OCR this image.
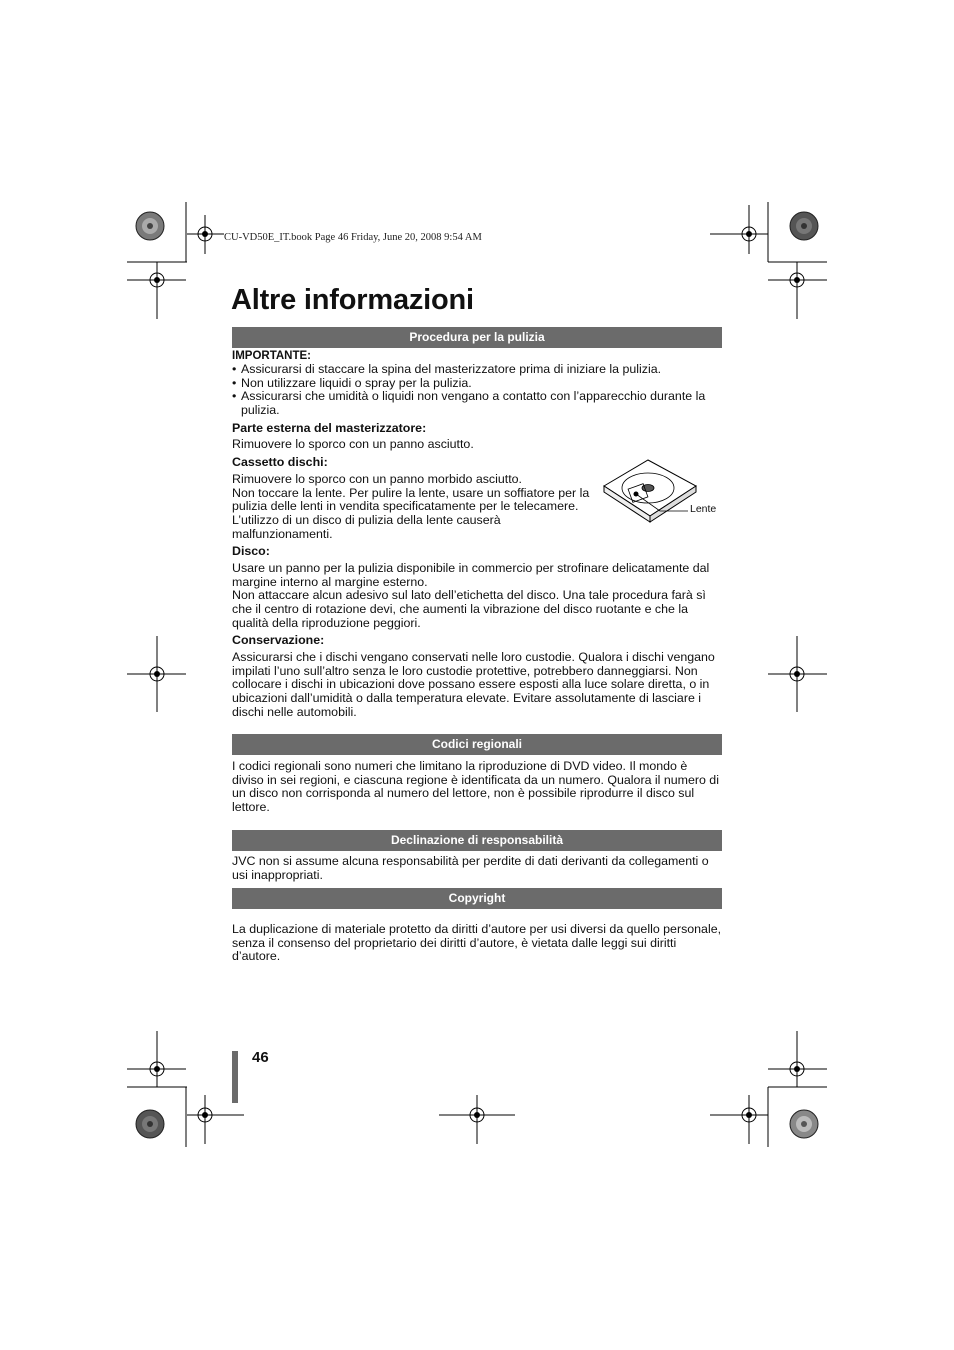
CU-VD50E_IT.book Page 46 Friday, June 20, 2008 9:54 AM
Altre informazioni
Procedura per la pulizia

IMPORTANTE:

• Assicurarsi di staccare la spina del masterizzatore prima di iniziare la pulizia.
• Non utilizzare liquidi o spray per la pulizia.
• Assicurarsi che umidità o liquidi non vengano a contatto con l’apparecchio durante la pulizia.

Parte esterna del masterizzatore:

Rimuovere lo sporco con un panno asciutto.

Cassetto dischi:

Rimuovere lo sporco con un panno morbido asciutto.
Non toccare la lente. Per pulire la lente, usare un soffiatore per la pulizia delle lenti in vendita specificatamente per le telecamere. L’utilizzo di un disco di pulizia della lente causerà malfunzionamenti.

Lente

Disco:

Usare un panno per la pulizia disponibile in commercio per strofinare delicatamente dal margine interno al margine esterno.
Non attaccare alcun adesivo sul lato dell’etichetta del disco. Una tale procedura farà sì che il centro di rotazione devi, che aumenti la vibrazione del disco ruotante e che la qualità della riproduzione peggiori.

Conservazione:

Assicurarsi che i dischi vengano conservati nelle loro custodie. Qualora i dischi vengano impilati l’uno sull’altro senza le loro custodie protettive, potrebbero danneggiarsi. Non collocare i dischi in ubicazioni dove possano essere esposti alla luce solare diretta, o in ubicazioni dall’umidità o dalla temperatura elevate. Evitare assolutamente di lasciare i dischi nelle automobili.

Codici regionali

I codici regionali sono numeri che limitano la riproduzione di DVD video. Il mondo è diviso in sei regioni, e ciascuna regione è identificata da un numero. Qualora il numero di un disco non corrisponda al numero del lettore, non è possibile riprodurre il disco sul lettore.

Declinazione di responsabilità

JVC non si assume alcuna responsabilità per perdite di dati derivanti da collegamenti o usi inappropriati.

Copyright

La duplicazione di materiale protetto da diritti d’autore per usi diversi da quello personale, senza il consenso del proprietario dei diritti d’autore, è vietata dalle leggi sui diritti d’autore.

46
